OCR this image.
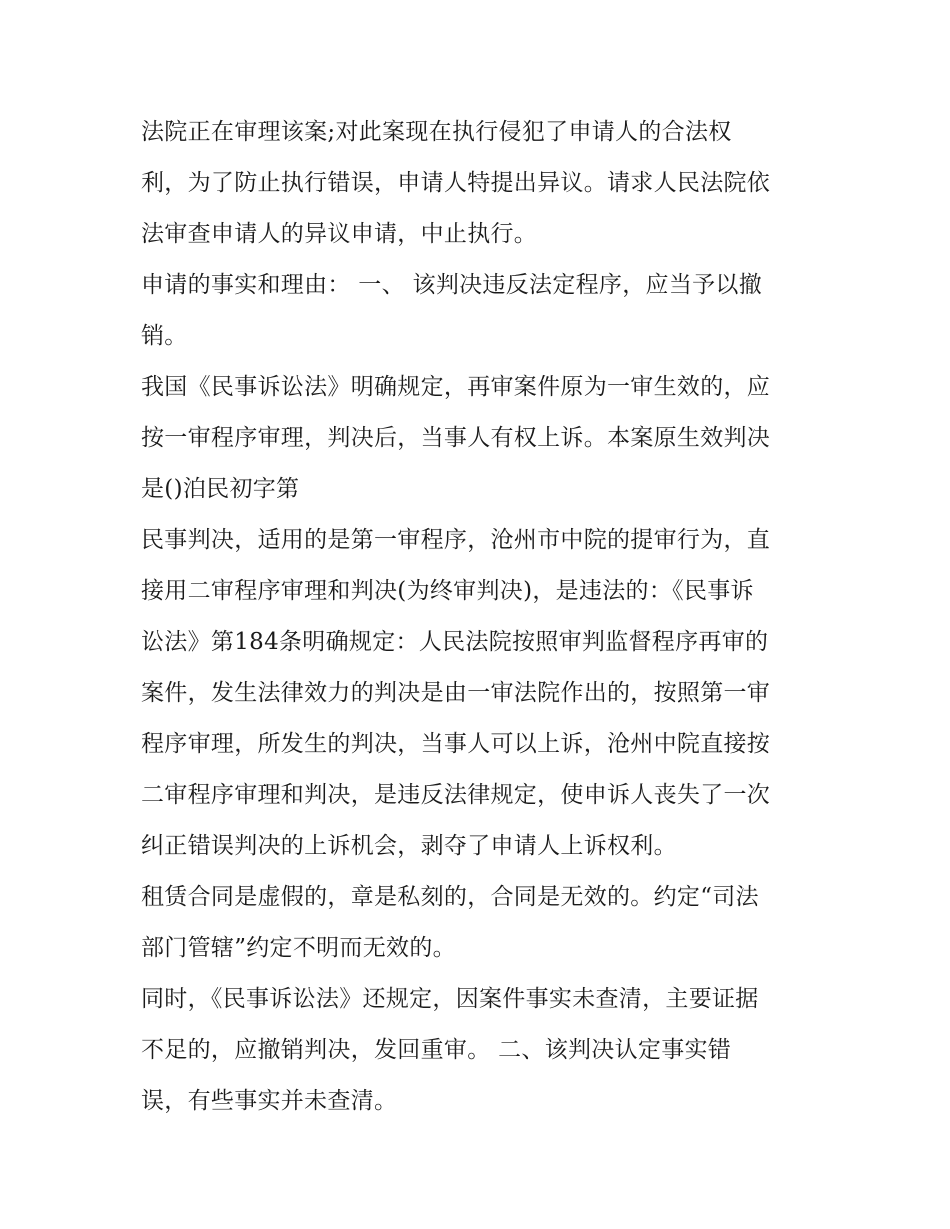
法院正在审理该案;对此案现在执行侵犯了申请人的合法权
利，为了防止执行错误，申请人特提出异议。请求人民法院依
法审查申请人的异议申请，中止执行。
申请的事实和理由： 一、 该判决违反法定程序，应当予以撤
销。
我国《民事诉讼法》明确规定，再审案件原为一审生效的，应
按一审程序审理，判决后，当事人有权上诉。本案原生效判决
是()泊民初字第
民事判决，适用的是第一审程序，沧州市中院的提审行为，直
接用二审程序审理和判决(为终审判决)，是违法的：《民事诉
讼法》第184条明确规定：人民法院按照审判监督程序再审的
案件，发生法律效力的判决是由一审法院作出的，按照第一审
程序审理，所发生的判决，当事人可以上诉，沧州中院直接按
二审程序审理和判决，是违反法律规定，使申诉人丧失了一次
纠正错误判决的上诉机会，剥夺了申请人上诉权利。
租赁合同是虚假的，章是私刻的，合同是无效的。约定“司法
部门管辖”约定不明而无效的。
同时，《民事诉讼法》还规定，因案件事实未查清，主要证据
不足的，应撤销判决，发回重审。 二、该判决认定事实错
误，有些事实并未查清。
